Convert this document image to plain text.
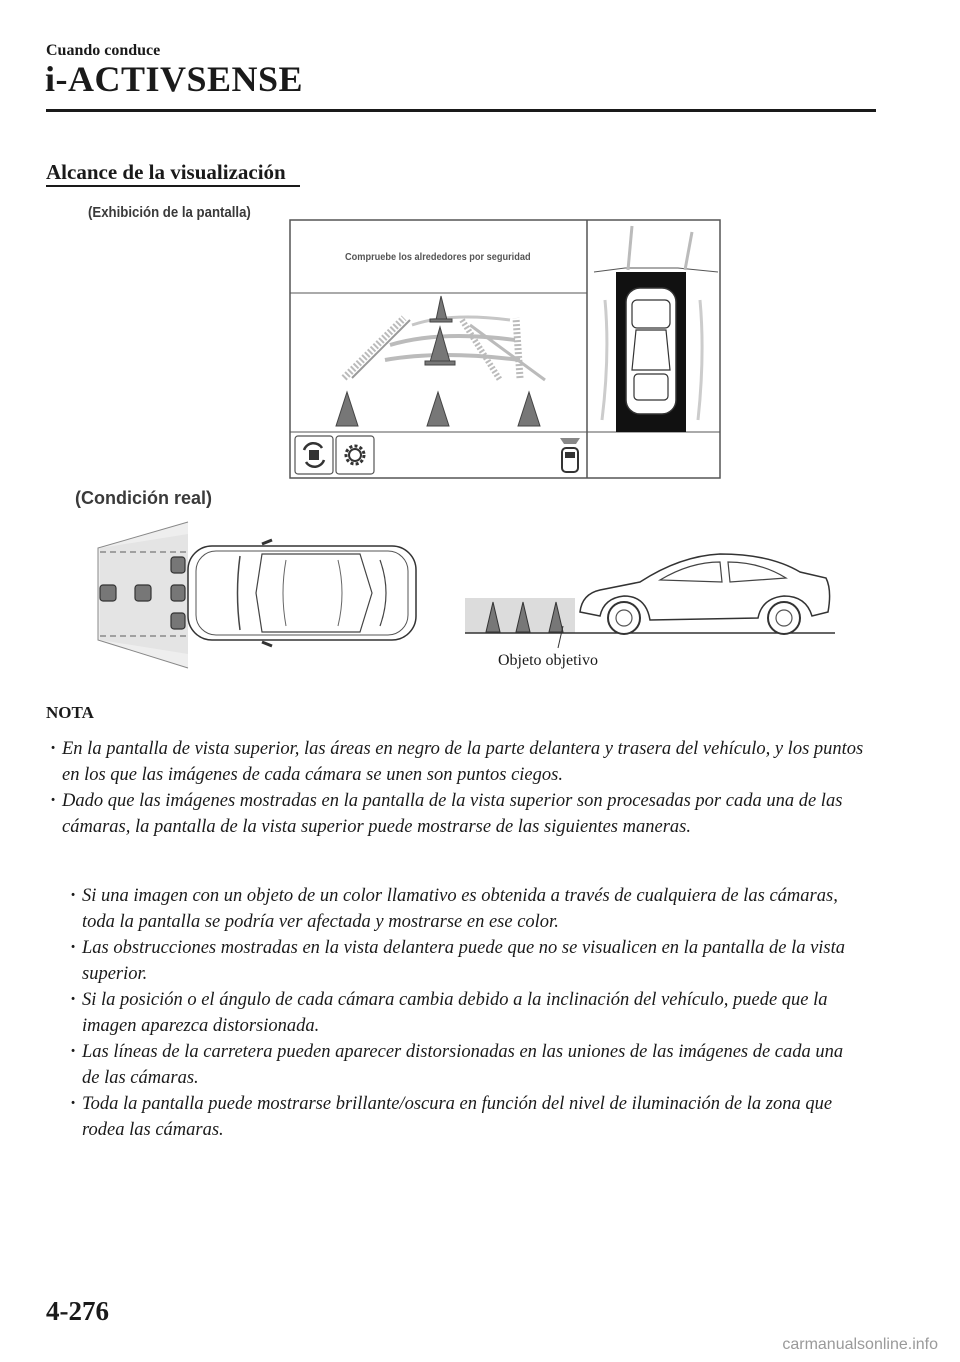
Cuando conduce
i-ACTIVSENSE
Alcance de la visualización
(Exhibición de la pantalla)
Compruebe los alrededores por seguridad
(Condición real)
Objeto objetivo
NOTA
· En la pantalla de vista superior, las áreas en negro de la parte delantera y trasera del vehículo, y los puntos en los que las imágenes de cada cámara se unen son puntos ciegos.
· Dado que las imágenes mostradas en la pantalla de la vista superior son procesadas por cada una de las cámaras, la pantalla de la vista superior puede mostrarse de las siguientes maneras.
· Si una imagen con un objeto de un color llamativo es obtenida a través de cualquiera de las cámaras, toda la pantalla se podría ver afectada y mostrarse en ese color.
· Las obstrucciones mostradas en la vista delantera puede que no se visualicen en la pantalla de la vista superior.
· Si la posición o el ángulo de cada cámara cambia debido a la inclinación del vehículo, puede que la imagen aparezca distorsionada.
· Las líneas de la carretera pueden aparecer distorsionadas en las uniones de las imágenes de cada una de las cámaras.
· Toda la pantalla puede mostrarse brillante/oscura en función del nivel de iluminación de la zona que rodea las cámaras.
4-276
carmanualsonline.info
